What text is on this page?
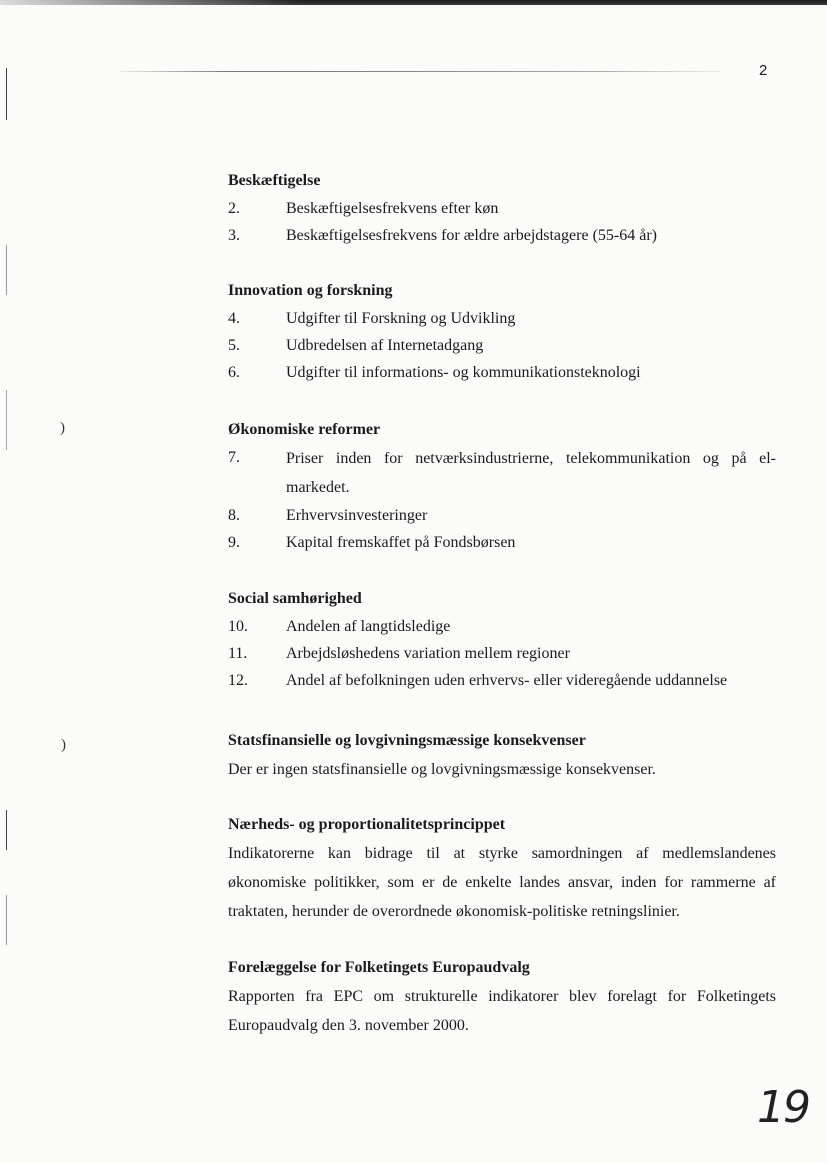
)
)
2
Beskæftigelse
2.	Beskæftigelsesfrekvens efter køn
3.	Beskæftigelsesfrekvens for ældre arbejdstagere (55-64 år)
Innovation og forskning
4.	Udgifter til Forskning og Udvikling
5.	Udbredelsen af Internetadgang
6.	Udgifter til informations- og kommunikationsteknologi
Økonomiske reformer
7.	Priser inden for netværksindustrierne, telekommunikation og på el-markedet.
8.	Erhvervsinvesteringer
9.	Kapital fremskaffet på Fondsbørsen
Social samhørighed
10. Andelen af langtidsledige
11. Arbejdsløshedens variation mellem regioner
12. Andel af befolkningen uden erhvervs- eller videregående uddannelse
Statsfinansielle og lovgivningsmæssige konsekvenser

Der er ingen statsfinansielle og lovgivningsmæssige konsekvenser.

Nærheds- og proportionalitetsprincippet

Indikatorerne kan bidrage til at styrke samordningen af medlemslandenes økonomiske politikker, som er de enkelte landes ansvar, inden for rammerne af traktaten, herunder de overordnede økonomisk-politiske retningslinier.

Forelæggelse for Folketingets Europaudvalg

Rapporten fra EPC om strukturelle indikatorer blev forelagt for Folketingets Europaudvalg den 3. november 2000.

19
